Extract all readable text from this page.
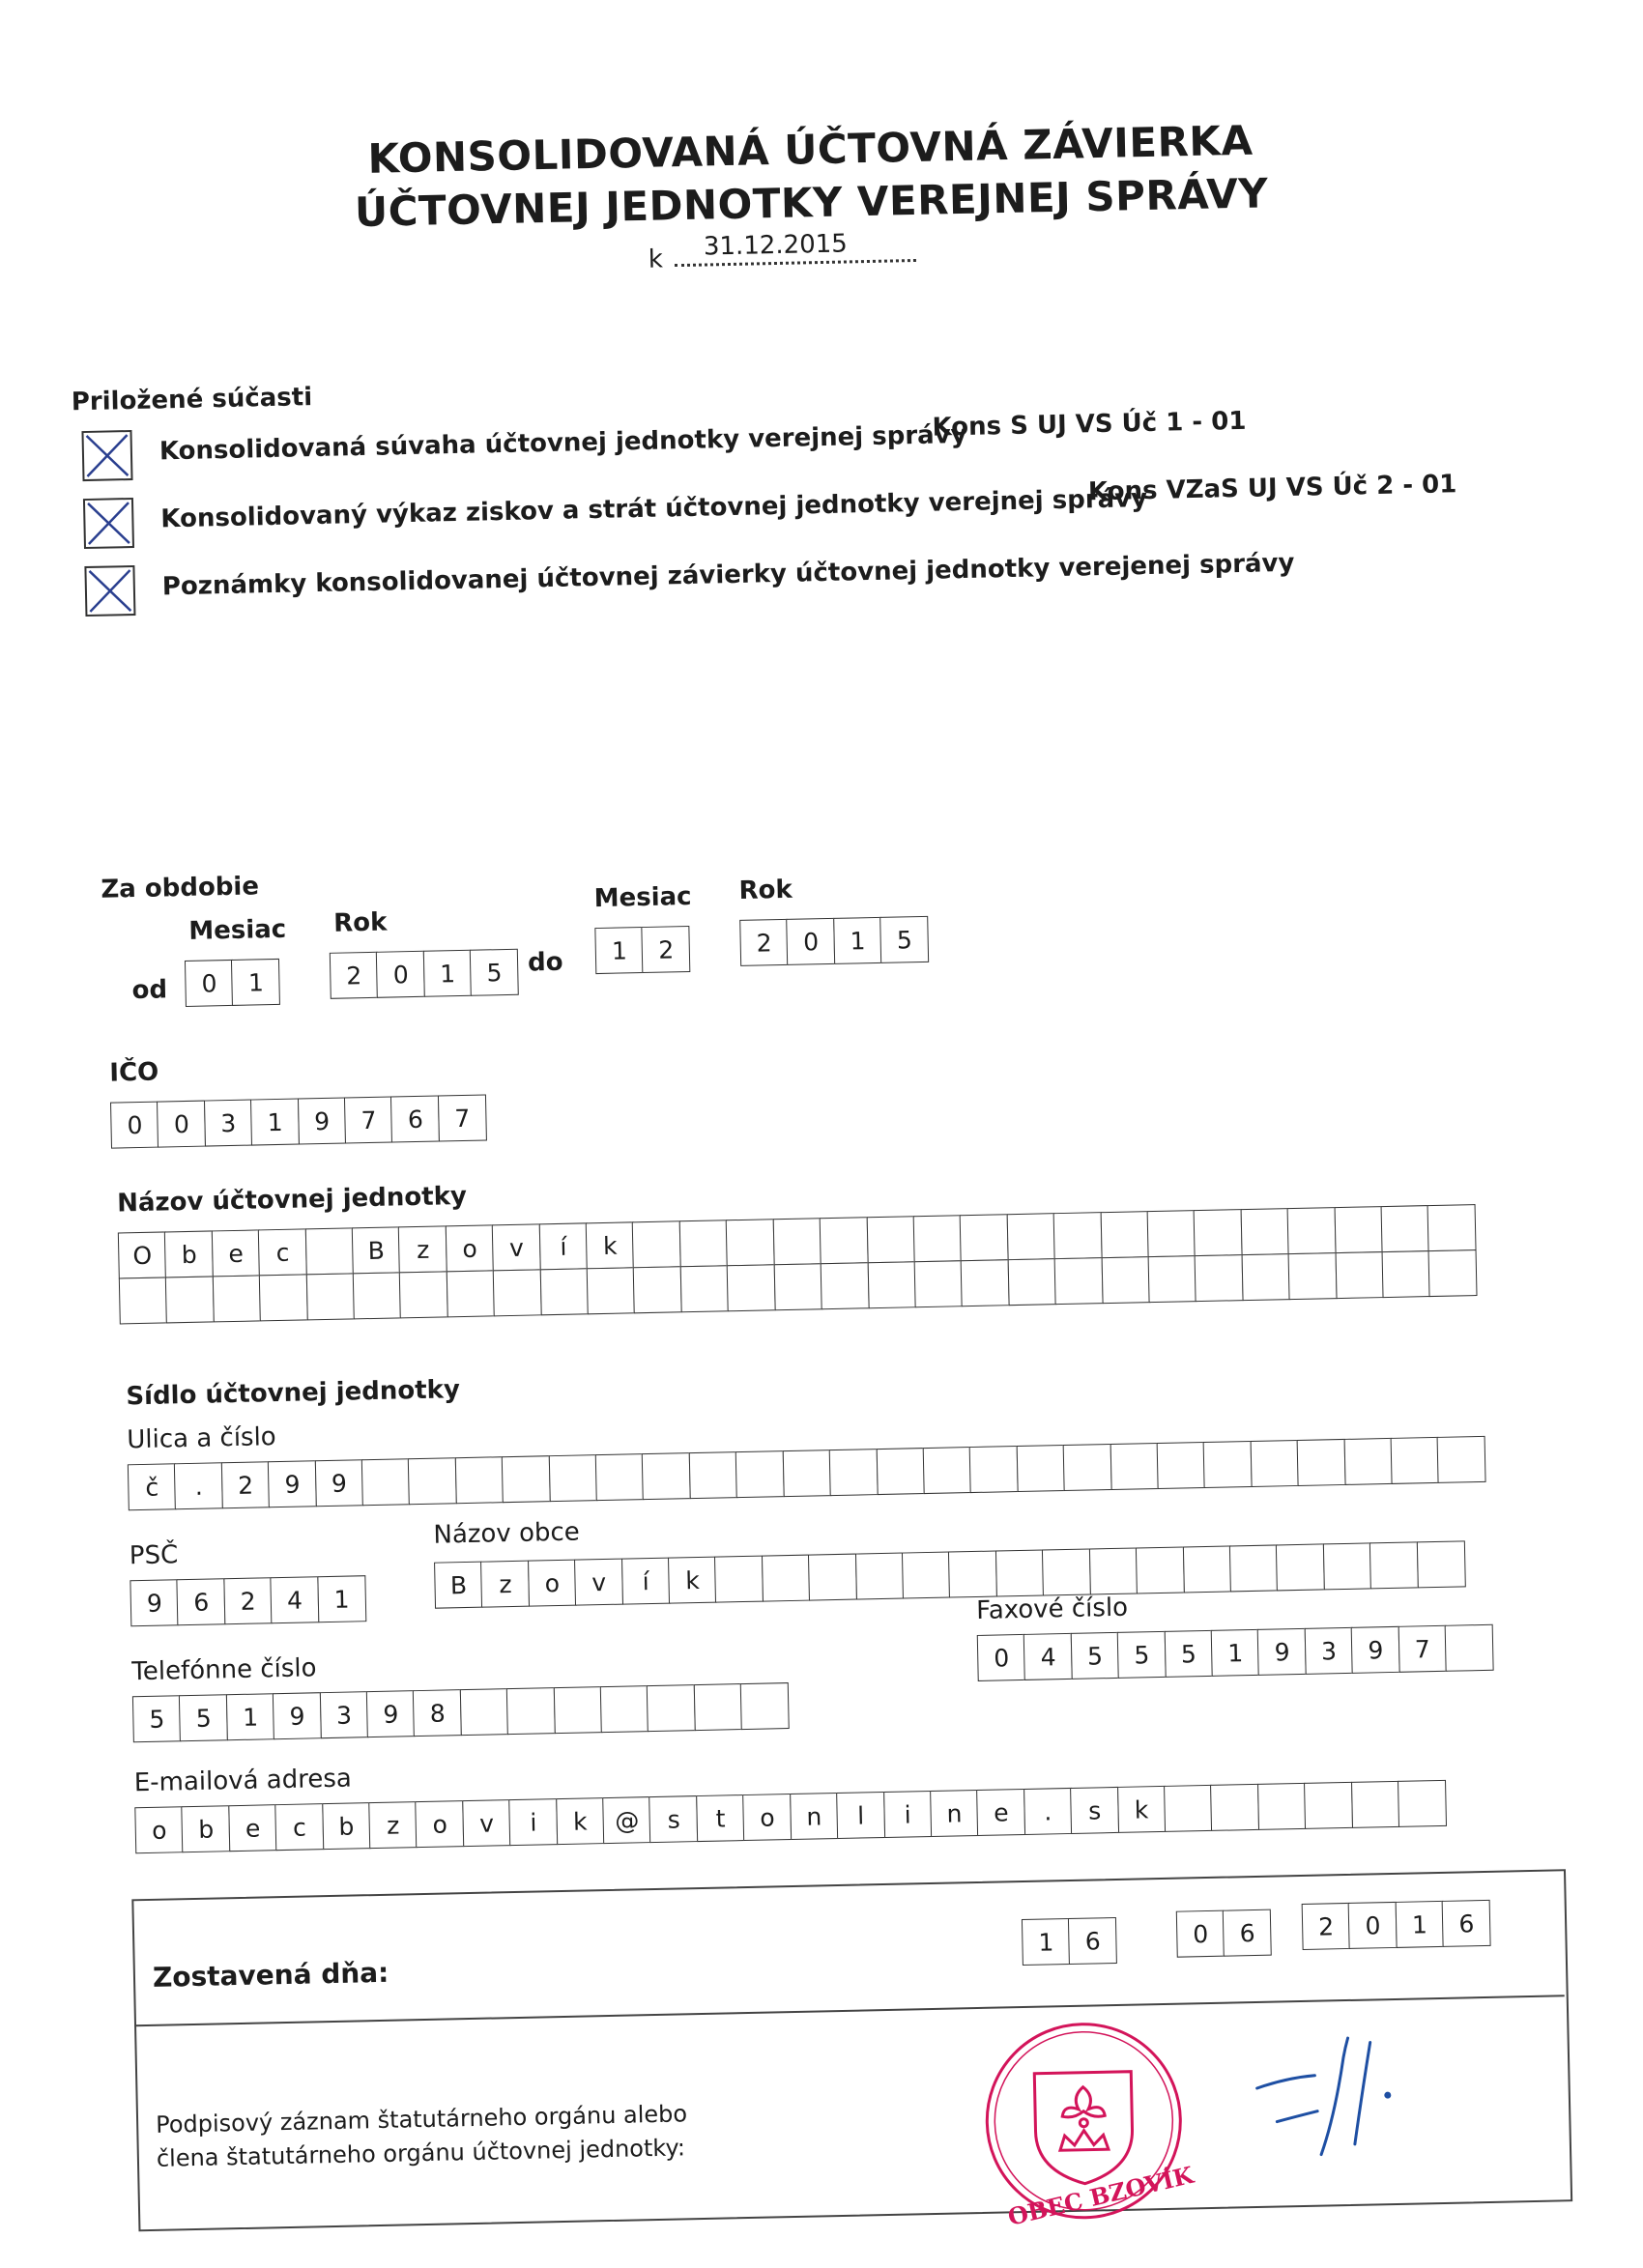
KONSOLIDOVANÁ ÚČTOVNÁ ZÁVIERKA
ÚČTOVNEJ JEDNOTKY VEREJNEJ SPRÁVY
k 31.12.2015
Priložené súčasti
Konsolidovaná súvaha účtovnej jednotky verejnej správy
Kons S UJ VS Úč 1 - 01
Konsolidovaný výkaz ziskov a strát účtovnej jednotky verejnej správy
Kons VZaS UJ VS Úč 2 - 01
Poznámky konsolidovanej účtovnej závierky účtovnej jednotky verejenej správy
Za obdobie
Mesiac Rok
od	0	1	2	0	1	5
Mesiac Rok
do	1	2	2	0	1	5
IČO
0	0	3	1	9	7	6	7
Názov účtovnej jednotky
O	b	e	c	B	z	o	v	í	k
Sídlo účtovnej jednotky
Ulica a číslo
č	.	2	9	9
PSČ
9	6	2	4	1
Názov obce
B	z	o	v	í	k
Telefónne číslo
5	5	1	9	3	9	8
Faxové číslo
0	4	5	5	5	1	9	3	9	7
E-mailová adresa
o	b	e	c	b	z	o	v	i	k	@	s	t	o	n	l	i	n	e	.	s	k
Zostavená dňa:
1	6	0	6	2	0	1	6
Podpisový záznam štatutárneho orgánu alebo
člena štatutárneho orgánu účtovnej jednotky:
OBEC BZOVÍK
